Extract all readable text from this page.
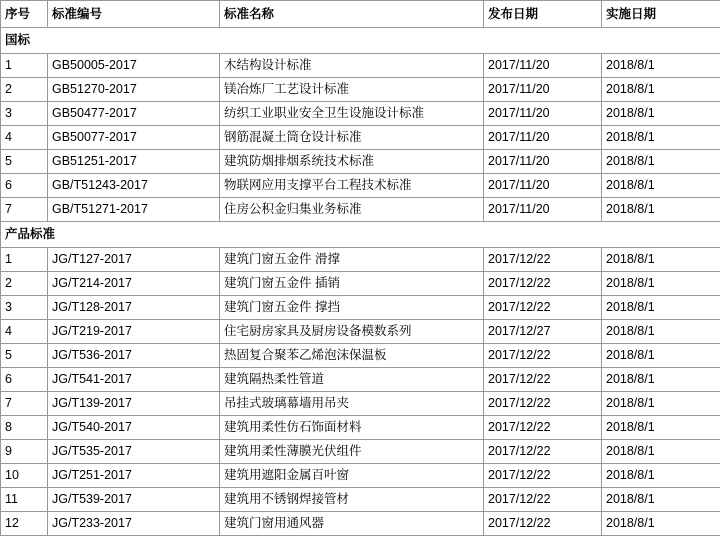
序号	标准编号	标准名称	发布日期	实施日期
国标				
1	GB50005-2017	木结构设计标准	2017/11/20	2018/8/1
2	GB51270-2017	镁冶炼厂工艺设计标准	2017/11/20	2018/8/1
3	GB50477-2017	纺织工业职业安全卫生设施设计标准	2017/11/20	2018/8/1
4	GB50077-2017	钢筋混凝土筒仓设计标准	2017/11/20	2018/8/1
5	GB51251-2017	建筑防烟排烟系统技术标准	2017/11/20	2018/8/1
6	GB/T51243-2017	物联网应用支撑平台工程技术标准	2017/11/20	2018/8/1
7	GB/T51271-2017	住房公积金归集业务标准	2017/11/20	2018/8/1
产品标准				
1	JG/T127-2017	建筑门窗五金件 滑撑	2017/12/22	2018/8/1
2	JG/T214-2017	建筑门窗五金件 插销	2017/12/22	2018/8/1
3	JG/T128-2017	建筑门窗五金件 撑挡	2017/12/22	2018/8/1
4	JG/T219-2017	住宅厨房家具及厨房设备模数系列	2017/12/27	2018/8/1
5	JG/T536-2017	热固复合聚苯乙烯泡沫保温板	2017/12/22	2018/8/1
6	JG/T541-2017	建筑隔热柔性管道	2017/12/22	2018/8/1
7	JG/T139-2017	吊挂式玻璃幕墙用吊夹	2017/12/22	2018/8/1
8	JG/T540-2017	建筑用柔性仿石饰面材料	2017/12/22	2018/8/1
9	JG/T535-2017	建筑用柔性薄膜光伏组件	2017/12/22	2018/8/1
10	JG/T251-2017	建筑用遮阳金属百叶窗	2017/12/22	2018/8/1
11	JG/T539-2017	建筑用不锈钢焊接管材	2017/12/22	2018/8/1
12	JG/T233-2017	建筑门窗用通风器	2017/12/22	2018/8/1
